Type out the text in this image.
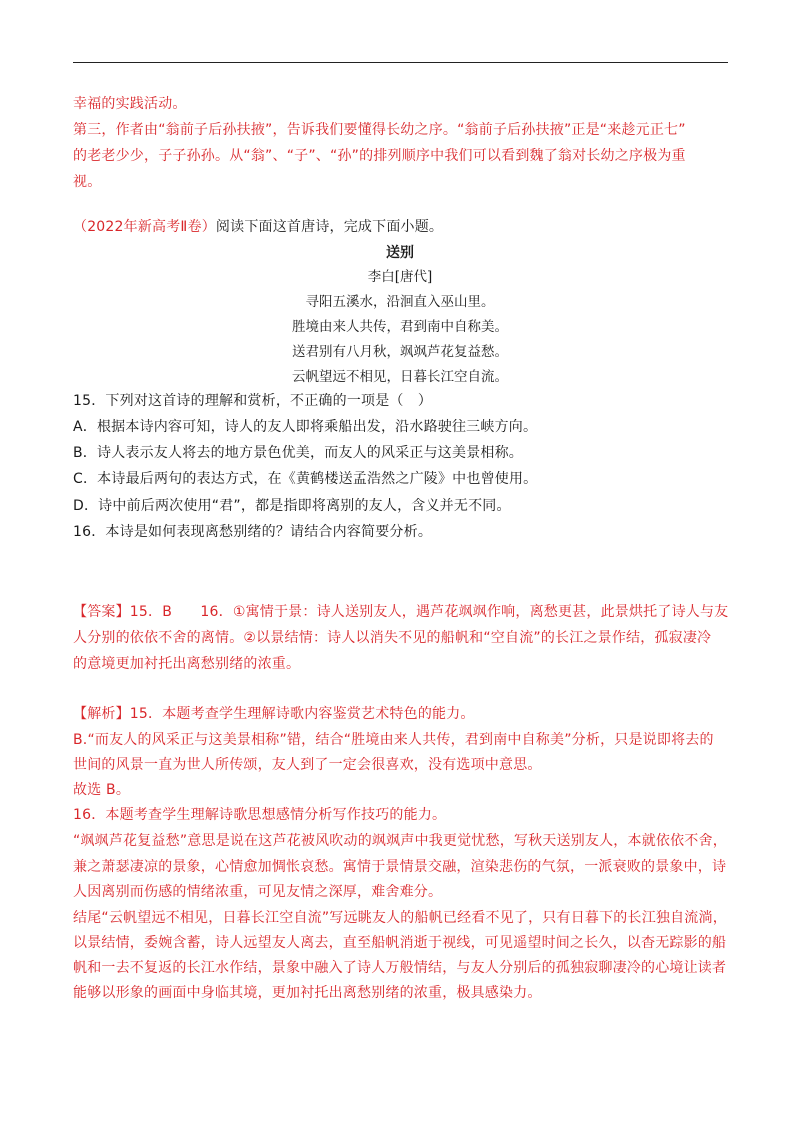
幸福的实践活动。
第三，作者由“翁前子后孙扶掖”，告诉我们要懂得长幼之序。“翁前子后孙扶掖”正是“来趁元正七”
的老老少少，子子孙孙。从“翁”、“子”、“孙”的排列顺序中我们可以看到魏了翁对长幼之序极为重
视。
（2022年新高考Ⅱ卷）阅读下面这首唐诗，完成下面小题。
送别
李白[唐代]
寻阳五溪水，沿洄直入巫山里。
胜境由来人共传，君到南中自称美。
送君别有八月秋，飒飒芦花复益愁。
云帆望远不相见，日暮长江空自流。
15．下列对这首诗的理解和赏析，不正确的一项是（　）
A．根据本诗内容可知，诗人的友人即将乘船出发，沿水路驶往三峡方向。
B．诗人表示友人将去的地方景色优美，而友人的风采正与这美景相称。
C．本诗最后两句的表达方式，在《黄鹤楼送孟浩然之广陵》中也曾使用。
D．诗中前后两次使用“君”，都是指即将离别的友人，含义并无不同。
16．本诗是如何表现离愁别绪的？请结合内容简要分析。
【答案】15．B　　16．①寓情于景：诗人送别友人，遇芦花飒飒作响，离愁更甚，此景烘托了诗人与友
人分别的依依不舍的离情。②以景结情：诗人以消失不见的船帆和“空自流”的长江之景作结，孤寂凄冷
的意境更加衬托出离愁别绪的浓重。
【解析】15．本题考查学生理解诗歌内容鉴赏艺术特色的能力。
B.“而友人的风采正与这美景相称”错，结合“胜境由来人共传，君到南中自称美”分析，只是说即将去的
世间的风景一直为世人所传颂，友人到了一定会很喜欢，没有选项中意思。
故选 B。
16．本题考查学生理解诗歌思想感情分析写作技巧的能力。
“飒飒芦花复益愁”意思是说在这芦花被风吹动的飒飒声中我更觉忧愁，写秋天送别友人，本就依依不舍，
兼之萧瑟凄凉的景象，心情愈加惆怅哀愁。寓情于景情景交融，渲染悲伤的气氛，一派衰败的景象中，诗
人因离别而伤感的情绪浓重，可见友情之深厚，难舍难分。
结尾“云帆望远不相见，日暮长江空自流”写远眺友人的船帆已经看不见了，只有日暮下的长江独自流淌，
以景结情，委婉含蓄，诗人远望友人离去，直至船帆消逝于视线，可见遥望时间之长久，以杳无踪影的船
帆和一去不复返的长江水作结，景象中融入了诗人万般情结，与友人分别后的孤独寂聊凄冷的心境让读者
能够以形象的画面中身临其境，更加衬托出离愁别绪的浓重，极具感染力。
